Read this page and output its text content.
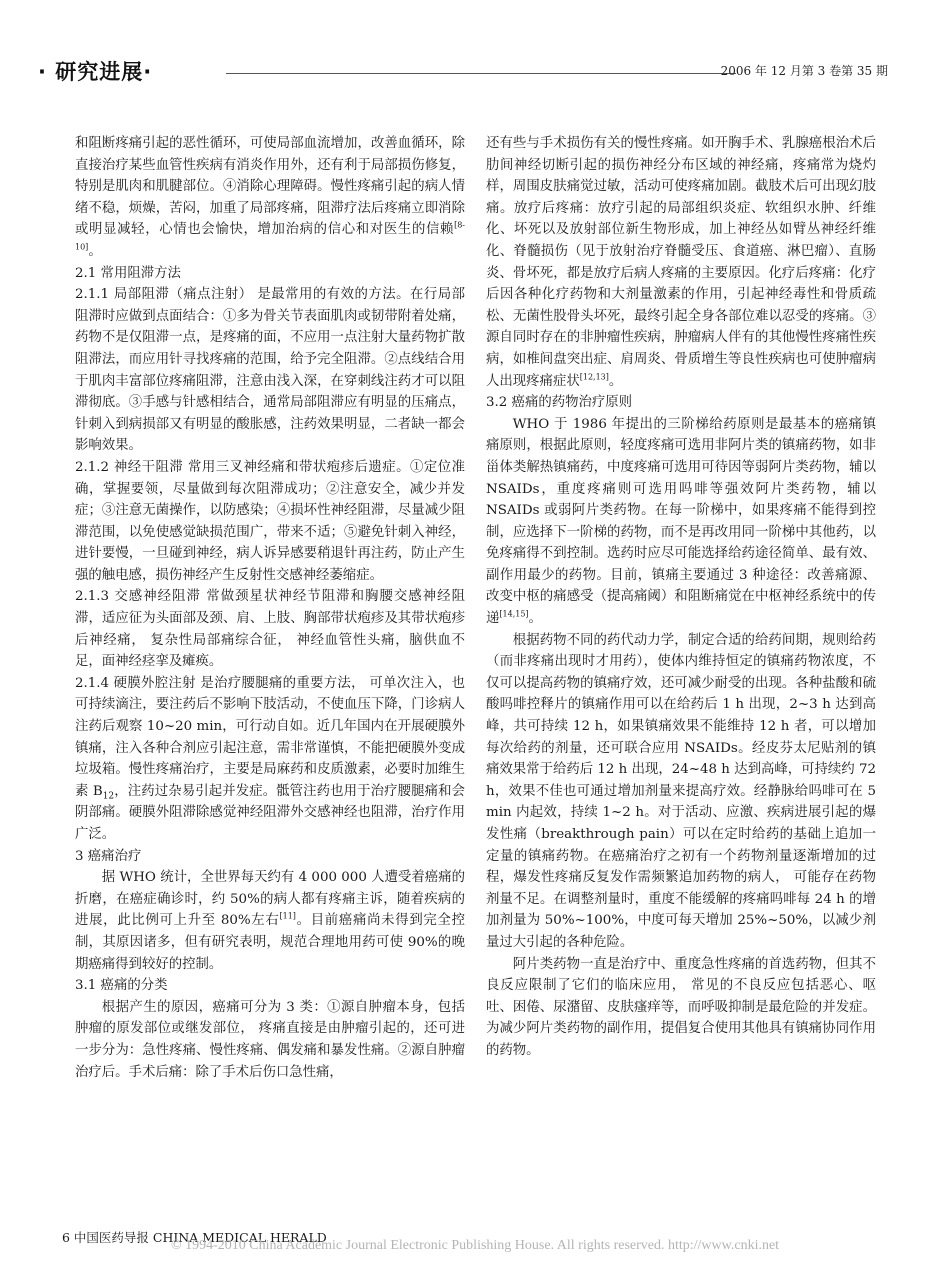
· 研究进展·	2006 年 12 月第 3 卷第 35 期

和阻断疼痛引起的恶性循环，可使局部血流增加，改善血循环，除直接治疗某些血管性疾病有消炎作用外，还有利于局部损伤修复，特别是肌肉和肌腱部位。④消除心理障碍。慢性疼痛引起的病人情绪不稳，烦燥，苦闷，加重了局部疼痛，阻滞疗法后疼痛立即消除或明显减轻，心情也会愉快，增加治病的信心和对医生的信赖[8-10]。

2.1 常用阻滞方法

2.1.1 局部阻滞（痛点注射） 是最常用的有效的方法。在行局部阻滞时应做到点面结合：①多为骨关节表面肌肉或韧带附着处痛，药物不是仅阻滞一点，是疼痛的面，不应用一点注射大量药物扩散阻滞法，而应用针寻找疼痛的范围，给予完全阻滞。②点线结合用于肌肉丰富部位疼痛阻滞，注意由浅入深，在穿刺线注药才可以阻滞彻底。③手感与针感相结合，通常局部阻滞应有明显的压痛点，针刺入到病损部又有明显的酸胀感，注药效果明显，二者缺一都会影响效果。

2.1.2 神经干阻滞 常用三叉神经痛和带状疱疹后遗症。①定位准确，掌握要领，尽量做到每次阻滞成功；②注意安全，减少并发症；③注意无菌操作，以防感染；④损坏性神经阻滞，尽量减少阻滞范围，以免使感觉缺损范围广，带来不适；⑤避免针刺入神经，进针要慢，一旦碰到神经，病人诉异感要稍退针再注药，防止产生强的触电感，损伤神经产生反射性交感神经萎缩症。

2.1.3 交感神经阻滞 常做颈星状神经节阻滞和胸腰交感神经阻滞，适应征为头面部及颈、肩、上肢、胸部带状疱疹及其带状疱疹后神经痛， 复杂性局部痛综合征， 神经血管性头痛，脑供血不足，面神经痉挛及瘫痪。

2.1.4 硬膜外腔注射 是治疗腰腿痛的重要方法， 可单次注入，也可持续滴注，要注药后不影响下肢活动，不使血压下降，门诊病人注药后观察 10~20 min，可行动自如。近几年国内在开展硬膜外镇痛，注入各种合剂应引起注意，需非常谨慎，不能把硬膜外变成垃圾箱。慢性疼痛治疗，主要是局麻药和皮质激素，必要时加维生素 $B_{12}$，注药过杂易引起并发症。骶管注药也用于治疗腰腿痛和会阴部痛。硬膜外阻滞除感觉神经阻滞外交感神经也阻滞，治疗作用广泛。

3 癌痛治疗

据 WHO 统计，全世界每天约有 4 000 000 人遭受着癌痛的折磨，在癌症确诊时，约 50%的病人都有疼痛主诉，随着疾病的进展，此比例可上升至 80%左右[11]。目前癌痛尚未得到完全控制，其原因诸多，但有研究表明，规范合理地用药可使 90%的晚期癌痛得到较好的控制。

3.1 癌痛的分类

根据产生的原因，癌痛可分为 3 类：①源自肿瘤本身，包括肿瘤的原发部位或继发部位， 疼痛直接是由肿瘤引起的，还可进一步分为：急性疼痛、慢性疼痛、偶发痛和暴发性痛。②源自肿瘤治疗后。手术后痛：除了手术后伤口急性痛，

还有些与手术损伤有关的慢性疼痛。如开胸手术、乳腺癌根治术后肋间神经切断引起的损伤神经分布区域的神经痛，疼痛常为烧灼样，周围皮肤痛觉过敏，活动可使疼痛加剧。截肢术后可出现幻肢痛。放疗后疼痛：放疗引起的局部组织炎症、软组织水肿、纤维化、坏死以及放射部位新生物形成，加上神经丛如臂丛神经纤维化、脊髓损伤（见于放射治疗脊髓受压、食道癌、淋巴瘤）、直肠炎、骨坏死，都是放疗后病人疼痛的主要原因。化疗后疼痛：化疗后因各种化疗药物和大剂量激素的作用，引起神经毒性和骨质疏松、无菌性股骨头坏死，最终引起全身各部位难以忍受的疼痛。③源自同时存在的非肿瘤性疾病，肿瘤病人伴有的其他慢性疼痛性疾病，如椎间盘突出症、肩周炎、骨质增生等良性疾病也可使肿瘤病人出现疼痛症状[12,13]。

3.2 癌痛的药物治疗原则

WHO 于 1986 年提出的三阶梯给药原则是最基本的癌痛镇痛原则，根据此原则，轻度疼痛可选用非阿片类的镇痛药物，如非甾体类解热镇痛药，中度疼痛可选用可待因等弱阿片类药物，辅以 NSAIDs，重度疼痛则可选用吗啡等强效阿片类药物，辅以 NSAIDs 或弱阿片类药物。在每一阶梯中，如果疼痛不能得到控制，应选择下一阶梯的药物，而不是再改用同一阶梯中其他药，以免疼痛得不到控制。选药时应尽可能选择给药途径简单、最有效、副作用最少的药物。目前，镇痛主要通过 3 种途径：改善痛源、改变中枢的痛感受（提高痛阈）和阻断痛觉在中枢神经系统中的传递[14,15]。

根据药物不同的药代动力学，制定合适的给药间期，规则给药（而非疼痛出现时才用药），使体内维持恒定的镇痛药物浓度，不仅可以提高药物的镇痛疗效，还可减少耐受的出现。各种盐酸和硫酸吗啡控释片的镇痛作用可以在给药后 1 h 出现，2~3 h 达到高峰，共可持续 12 h，如果镇痛效果不能维持 12 h 者，可以增加每次给药的剂量，还可联合应用 NSAIDs。经皮芬太尼贴剂的镇痛效果常于给药后 12 h 出现，24~48 h 达到高峰，可持续约 72 h，效果不佳也可通过增加剂量来提高疗效。经静脉给吗啡可在 5 min 内起效，持续 1~2 h。对于活动、应激、疾病进展引起的爆发性痛（breakthrough pain）可以在定时给药的基础上追加一定量的镇痛药物。在癌痛治疗之初有一个药物剂量逐渐增加的过程，爆发性疼痛反复发作需频繁追加药物的病人， 可能存在药物剂量不足。在调整剂量时，重度不能缓解的疼痛吗啡每 24 h 的增加剂量为 50%~100%，中度可每天增加 25%~50%，以减少剂量过大引起的各种危险。

阿片类药物一直是治疗中、重度急性疼痛的首选药物，但其不良反应限制了它们的临床应用， 常见的不良反应包括恶心、呕吐、困倦、尿潴留、皮肤瘙痒等，而呼吸抑制是最危险的并发症。为减少阿片类药物的副作用，提倡复合使用其他具有镇痛协同作用的药物。

6 中国医药导报 CHINA MEDICAL HERALD
© 1994-2010 China Academic Journal Electronic Publishing House. All rights reserved. http://www.cnki.net
